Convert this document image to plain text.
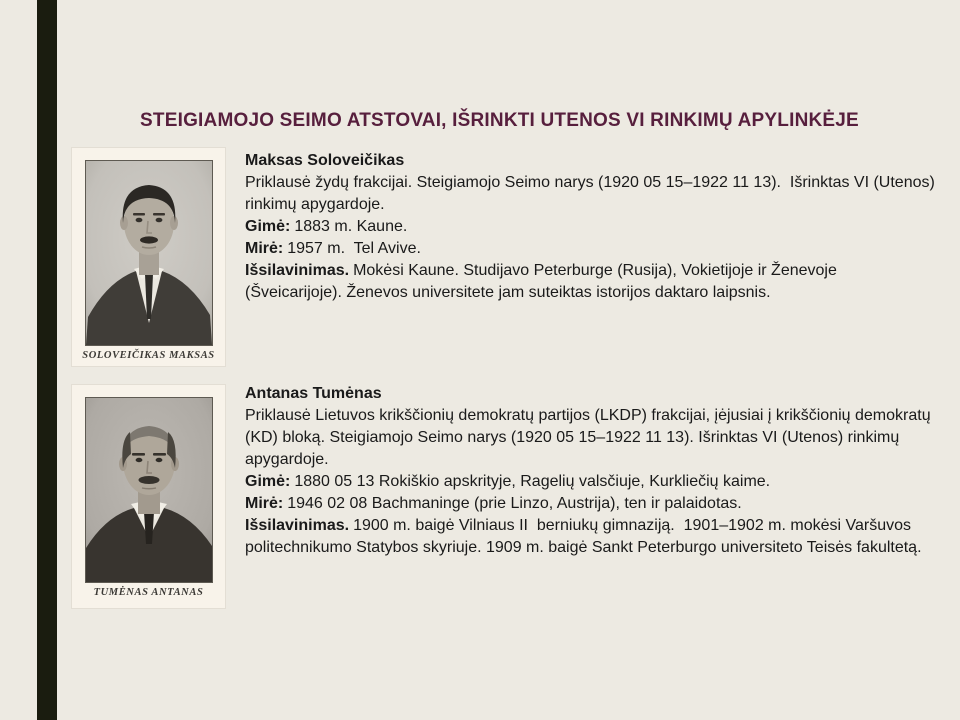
STEIGIAMOJO SEIMO ATSTOVAI, IŠRINKTI UTENOS VI RINKIMŲ APYLINKĖJE
SOLOVEIČIKAS MAKSAS
Maksas Soloveičikas

Priklausė žydų frakcijai. Steigiamojo Seimo narys (1920 05 15–1922 11 13).  Išrinktas VI (Utenos) rinkimų apygardoje.

Gimė: 1883 m. Kaune.

Mirė: 1957 m.  Tel Avive.

Išsilavinimas. Mokėsi Kaune. Studijavo Peterburge (Rusija), Vokietijoje ir Ženevoje (Šveicarijoje). Ženevos universitete jam suteiktas istorijos daktaro laipsnis.

TUMĖNAS ANTANAS
Antanas Tumėnas

Priklausė Lietuvos krikščionių demokratų partijos (LKDP) frakcijai, įėjusiai į krikščionių demokratų (KD) bloką. Steigiamojo Seimo narys (1920 05 15–1922 11 13). Išrinktas VI (Utenos) rinkimų apygardoje.

Gimė: 1880 05 13 Rokiškio apskrityje, Ragelių valsčiuje, Kurkliečių kaime.

Mirė: 1946 02 08 Bachmaninge (prie Linzo, Austrija), ten ir palaidotas.

Išsilavinimas. 1900 m. baigė Vilniaus II  berniukų gimnaziją.  1901–1902 m. mokėsi Varšuvos politechnikumo Statybos skyriuje. 1909 m. baigė Sankt Peterburgo universiteto Teisės fakultetą.
